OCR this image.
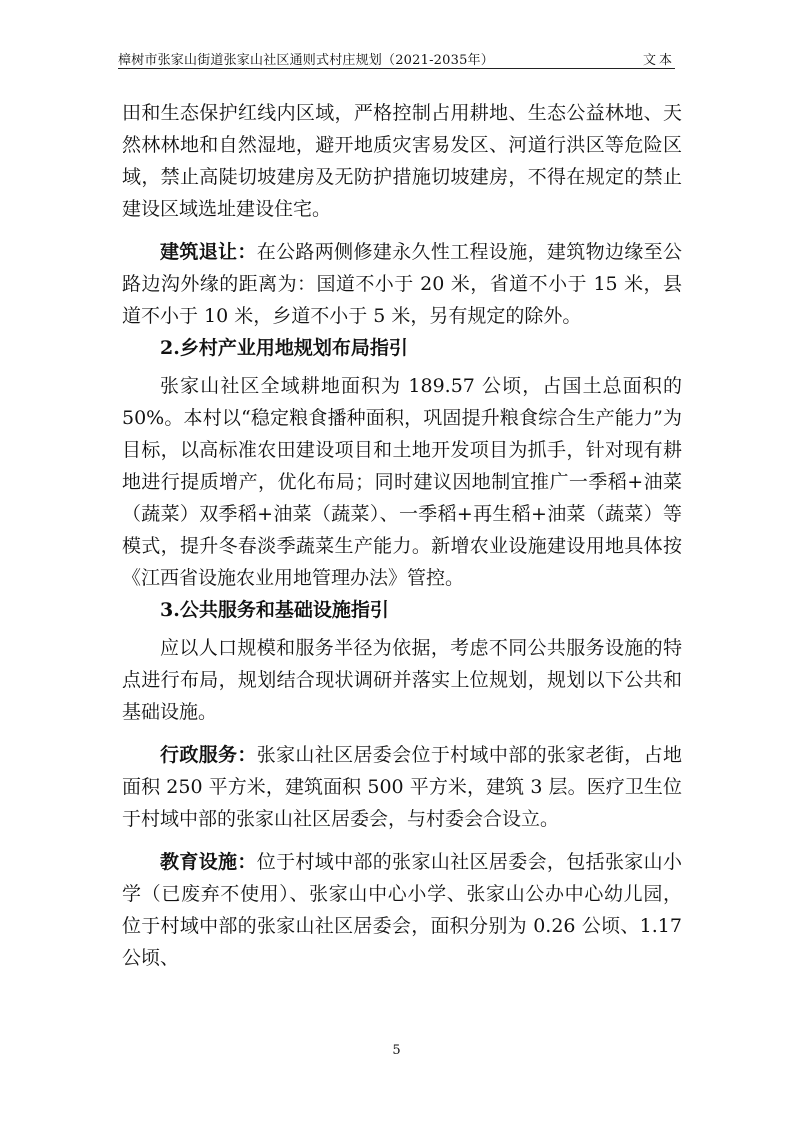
樟树市张家山街道张家山社区通则式村庄规划（2021-2035年）	文本

田和生态保护红线内区域，严格控制占用耕地、生态公益林地、天然林林地和自然湿地，避开地质灾害易发区、河道行洪区等危险区域，禁止高陡切坡建房及无防护措施切坡建房，不得在规定的禁止建设区域选址建设住宅。

建筑退让：在公路两侧修建永久性工程设施，建筑物边缘至公路边沟外缘的距离为：国道不小于 20 米，省道不小于 15 米，县道不小于 10 米，乡道不小于 5 米，另有规定的除外。

2.乡村产业用地规划布局指引

张家山社区全域耕地面积为 189.57 公顷，占国土总面积的 50%。本村以“稳定粮食播种面积，巩固提升粮食综合生产能力”为目标，以高标准农田建设项目和土地开发项目为抓手，针对现有耕地进行提质增产，优化布局；同时建议因地制宜推广一季稻+油菜（蔬菜）双季稻+油菜（蔬菜）、一季稻+再生稻+油菜（蔬菜）等模式，提升冬春淡季蔬菜生产能力。新增农业设施建设用地具体按《江西省设施农业用地管理办法》管控。

3.公共服务和基础设施指引

应以人口规模和服务半径为依据，考虑不同公共服务设施的特点进行布局，规划结合现状调研并落实上位规划，规划以下公共和基础设施。

行政服务：张家山社区居委会位于村域中部的张家老街，占地面积 250 平方米，建筑面积 500 平方米，建筑 3 层。医疗卫生位于村域中部的张家山社区居委会，与村委会合设立。

教育设施：位于村域中部的张家山社区居委会，包括张家山小学（已废弃不使用）、张家山中心小学、张家山公办中心幼儿园，位于村域中部的张家山社区居委会，面积分别为 0.26 公顷、1.17 公顷、

5
